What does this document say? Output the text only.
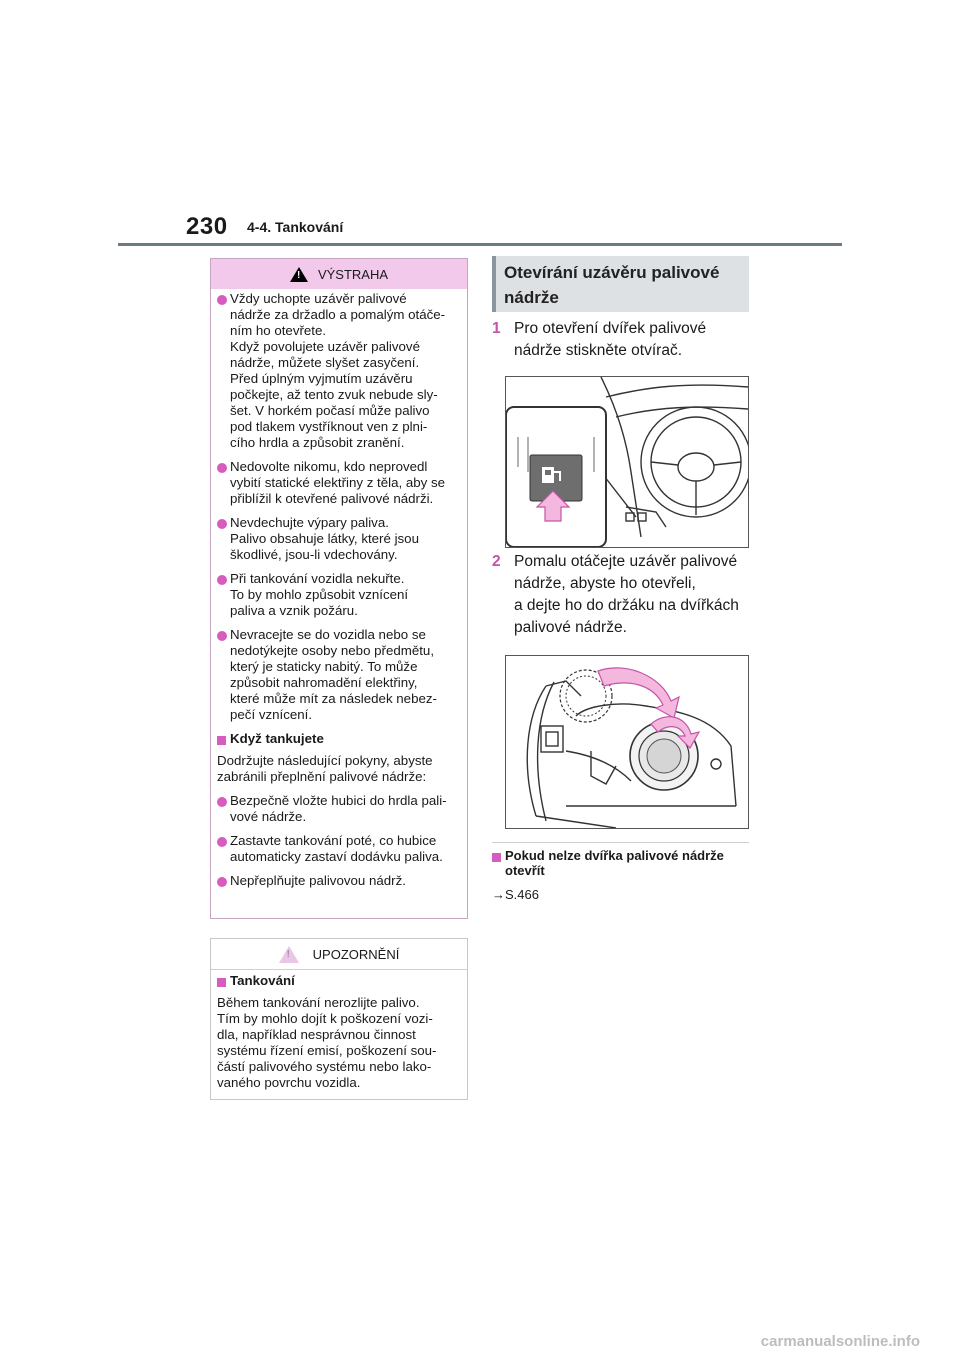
230 4-4. Tankování
!
VÝSTRAHA
Vždy uchopte uzávěr palivové
nádrže za držadlo a pomalým otáče-
ním ho otevřete.
Když povolujete uzávěr palivové
nádrže, můžete slyšet zasyčení.
Před úplným vyjmutím uzávěru
počkejte, až tento zvuk nebude sly-
šet. V horkém počasí může palivo
pod tlakem vystříknout ven z plni-
cího hrdla a způsobit zranění.
Nedovolte nikomu, kdo neprovedl
vybití statické elektřiny z těla, aby se
přiblížil k otevřené palivové nádrži.
Nevdechujte výpary paliva.
Palivo obsahuje látky, které jsou
škodlivé, jsou-li vdechovány.
Při tankování vozidla nekuřte.
To by mohlo způsobit vznícení
paliva a vznik požáru.
Nevracejte se do vozidla nebo se
nedotýkejte osoby nebo předmětu,
který je staticky nabitý. To může
způsobit nahromadění elektřiny,
které může mít za následek nebez-
pečí vznícení.
Když tankujete
Dodržujte následující pokyny, abyste
zabránili přeplnění palivové nádrže:
Bezpečně vložte hubici do hrdla pali-
vové nádrže.
Zastavte tankování poté, co hubice
automaticky zastaví dodávku paliva.
Nepřeplňujte palivovou nádrž.
!
UPOZORNĚNÍ
Tankování
Během tankování nerozlijte palivo.
Tím by mohlo dojít k poškození vozi-
dla, například nesprávnou činnost
systému řízení emisí, poškození sou-
částí palivového systému nebo lako-
vaného povrchu vozidla.
Otevírání uzávěru palivové
nádrže
1 Pro otevření dvířek palivové
nádrže stiskněte otvírač.
2 Pomalu otáčejte uzávěr palivové
nádrže, abyste ho otevřeli,
a dejte ho do držáku na dvířkách
palivové nádrže.
Pokud nelze dvířka palivové nádrže
otevřít
→S.466
carmanualsonline.info
